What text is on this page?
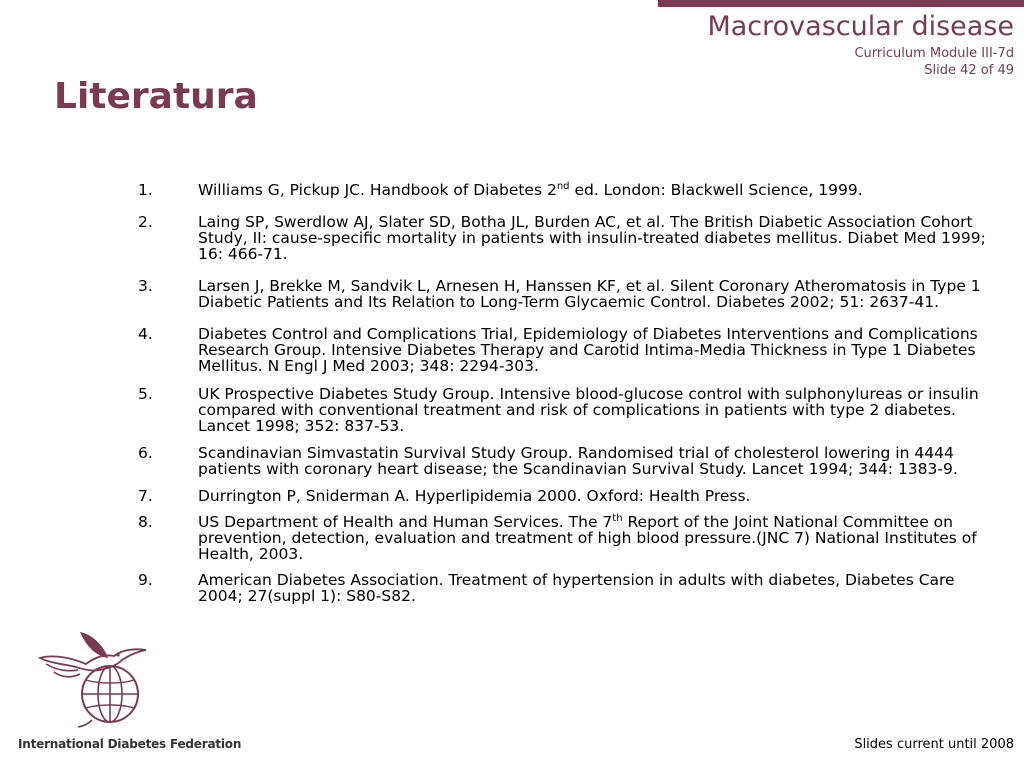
Macrovascular disease
Curriculum Module III-7d
Slide 42 of 49
Literatura
1.	Williams G, Pickup JC. Handbook of Diabetes 2nd ed. London: Blackwell Science, 1999.
2.	Laing SP, Swerdlow AJ, Slater SD, Botha JL, Burden AC, et al. The British Diabetic Association Cohort Study, II: cause-specific mortality in patients with insulin-treated diabetes mellitus. Diabet Med 1999; 16: 466-71.
3.	Larsen J, Brekke M, Sandvik L, Arnesen H, Hanssen KF, et al. Silent Coronary Atheromatosis in Type 1 Diabetic Patients and Its Relation to Long-Term Glycaemic Control. Diabetes 2002; 51: 2637-41.
4.	Diabetes Control and Complications Trial, Epidemiology of Diabetes Interventions and Complications Research Group. Intensive Diabetes Therapy and Carotid Intima-Media Thickness in Type 1 Diabetes Mellitus. N Engl J Med 2003; 348: 2294-303.
5.	UK Prospective Diabetes Study Group. Intensive blood-glucose control with sulphonylureas or insulin compared with conventional treatment and risk of complications in patients with type 2 diabetes. Lancet 1998; 352: 837-53.
6.	Scandinavian Simvastatin Survival Study Group. Randomised trial of cholesterol lowering in 4444 patients with coronary heart disease; the Scandinavian Survival Study. Lancet 1994; 344: 1383-9.
7.	Durrington P, Sniderman A. Hyperlipidemia 2000. Oxford: Health Press.
8.	US Department of Health and Human Services. The 7th Report of the Joint National Committee on prevention, detection, evaluation and treatment of high blood pressure.(JNC 7) National Institutes of Health, 2003.
9.	American Diabetes Association. Treatment of hypertension in adults with diabetes, Diabetes Care 2004; 27(suppl 1): S80-S82.
International Diabetes Federation	Slides current until 2008
